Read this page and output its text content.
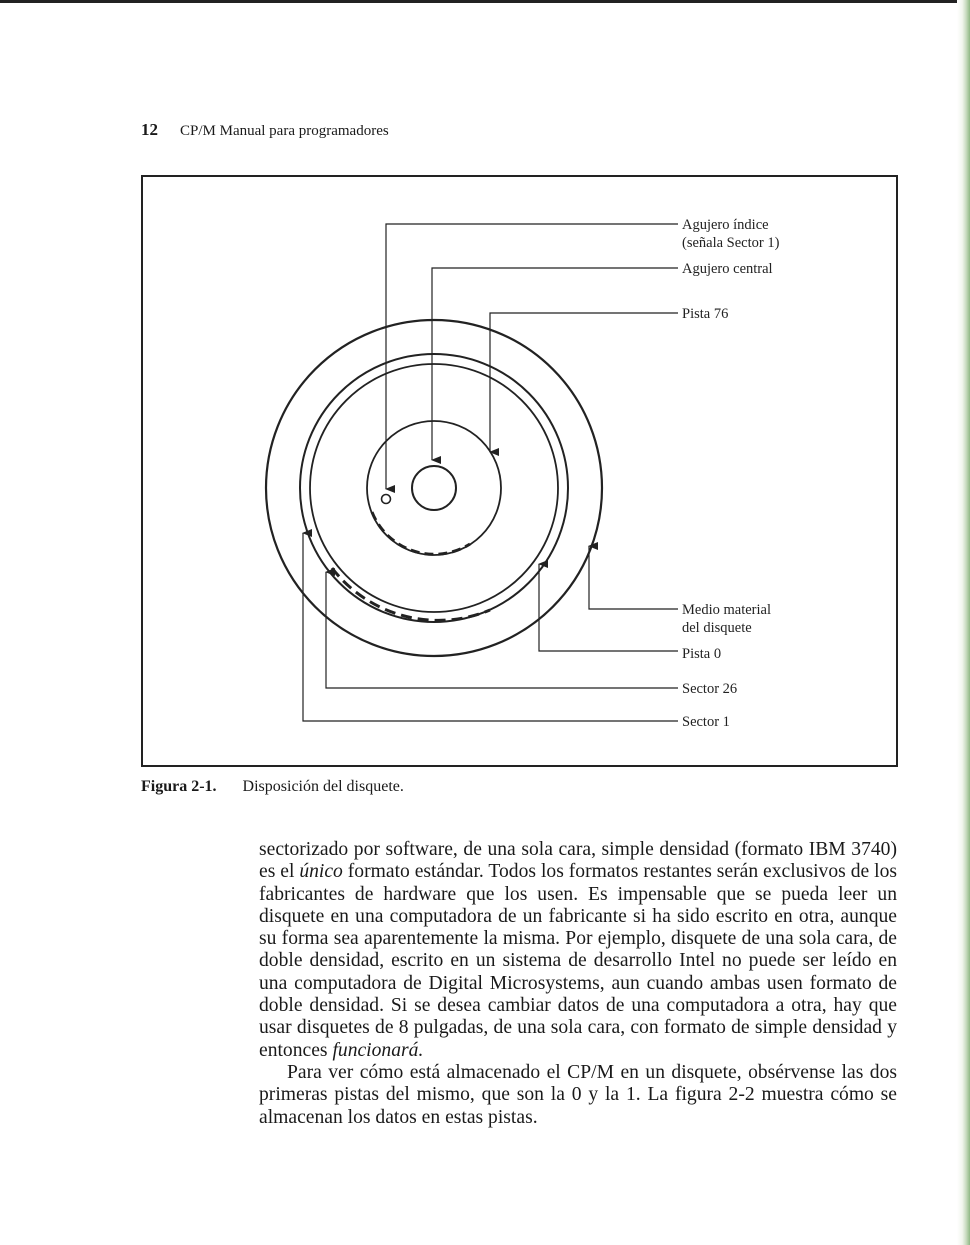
12 CP/M Manual para programadores
Agujero índice
(señala Sector 1)
Agujero central
Pista 76
Medio material
del disquete
Pista 0
Sector 26
Sector 1
Figura 2-1. Disposición del disquete.

sectorizado por software, de una sola cara, simple densidad (formato IBM 3740) es el único formato estándar. Todos los formatos restantes serán exclusivos de los fabricantes de hardware que los usen. Es impensable que se pueda leer un disquete en una computadora de un fabricante si ha sido escrito en otra, aunque su forma sea aparentemente la misma. Por ejemplo, disquete de una sola cara, de doble densidad, escrito en un sistema de desarrollo Intel no puede ser leído en una computadora de Digital Microsystems, aun cuando ambas usen formato de doble densidad. Si se desea cambiar datos de una computadora a otra, hay que usar disquetes de 8 pulgadas, de una sola cara, con formato de simple densidad y entonces funcionará.

Para ver cómo está almacenado el CP/M en un disquete, obsérvense las dos primeras pistas del mismo, que son la 0 y la 1. La figura 2-2 muestra cómo se almacenan los datos en estas pistas.
